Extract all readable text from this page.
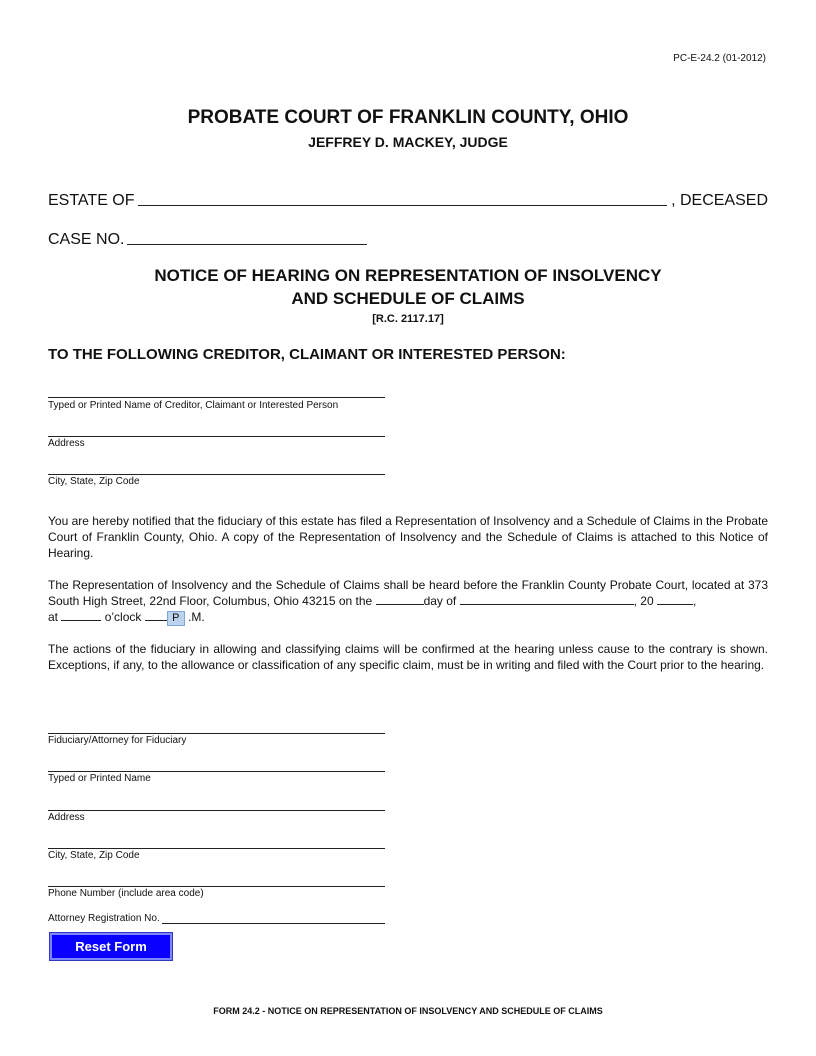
PC-E-24.2 (01-2012)
PROBATE COURT OF FRANKLIN COUNTY, OHIO
JEFFREY D. MACKEY, JUDGE
ESTATE OF	, DECEASED
CASE NO.
NOTICE OF HEARING ON REPRESENTATION OF INSOLVENCY
AND SCHEDULE OF CLAIMS
[R.C. 2117.17]
TO THE FOLLOWING CREDITOR, CLAIMANT OR INTERESTED PERSON:
Typed or Printed Name of Creditor, Claimant or Interested Person
Address
City, State, Zip Code
You are hereby notified that the fiduciary of this estate has filed a Representation of Insolvency and a Schedule of Claims in the Probate Court of Franklin County, Ohio. A copy of the Representation of Insolvency and the Schedule of Claims is attached to this Notice of Hearing.
The Representation of Insolvency and the Schedule of Claims shall be heard before the Franklin County Probate Court, located at 373 South High Street, 22nd Floor, Columbus, Ohio 43215 on the	day of	, 20	,
at	o’clock	P .M.
The actions of the fiduciary in allowing and classifying claims will be confirmed at the hearing unless cause to the contrary is shown. Exceptions, if any, to the allowance or classification of any specific claim, must be in writing and filed with the Court prior to the hearing.
Fiduciary/Attorney for Fiduciary
Typed or Printed Name
Address
City, State, Zip Code
Phone Number (include area code)
Attorney Registration No.
Reset Form
FORM 24.2 - NOTICE ON REPRESENTATION OF INSOLVENCY AND SCHEDULE OF CLAIMS
